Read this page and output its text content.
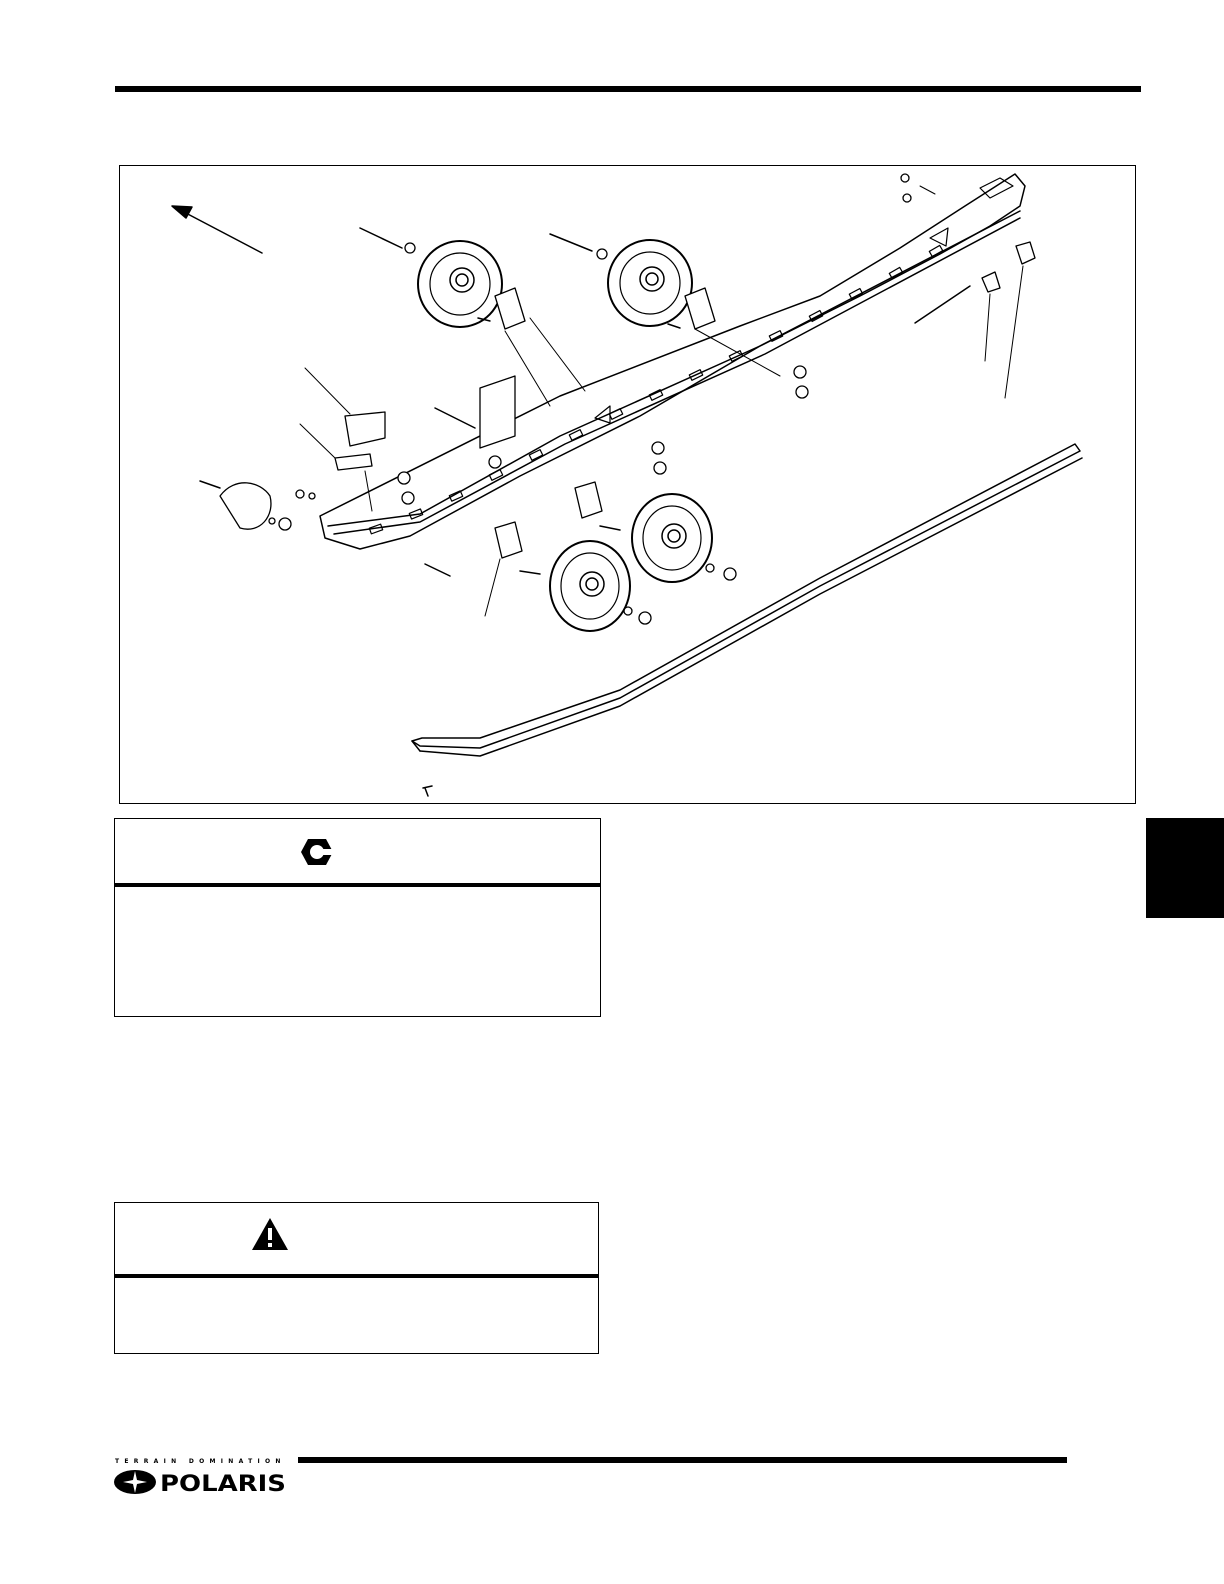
TERRAIN DOMINATION
POLARIS
